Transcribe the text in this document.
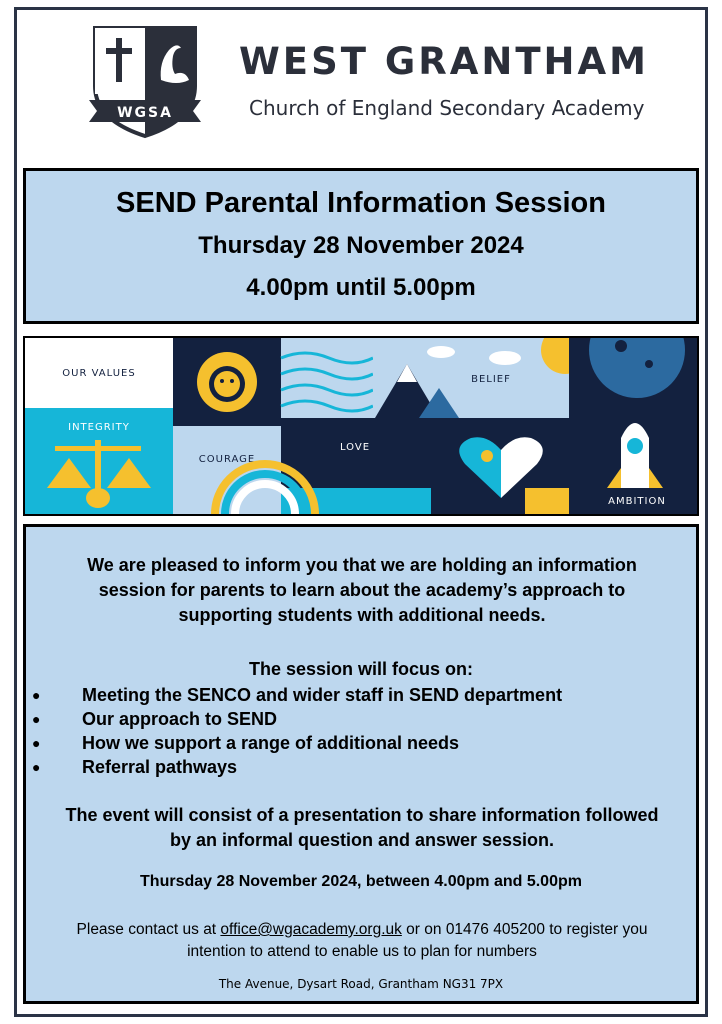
WGSA
WEST GRANTHAM
Church of England Secondary Academy
SEND Parental Information Session
Thursday 28 November 2024
4.00pm until 5.00pm
OUR VALUES
INTEGRITY
COURAGE
LOVE
BELIEF
AMBITION
We are pleased to inform you that we are holding an information session for parents to learn about the academy’s approach to supporting students with additional needs.
The session will focus on:
● Meeting the SENCO and wider staff in SEND department
● Our approach to SEND
● How we support a range of additional needs
● Referral pathways
The event will consist of a presentation to share information followed by an informal question and answer session.
Thursday 28 November 2024, between 4.00pm and 5.00pm
Please contact us at office@wgacademy.org.uk or on 01476 405200 to register you intention to attend to enable us to plan for numbers
The Avenue, Dysart Road, Grantham NG31 7PX
